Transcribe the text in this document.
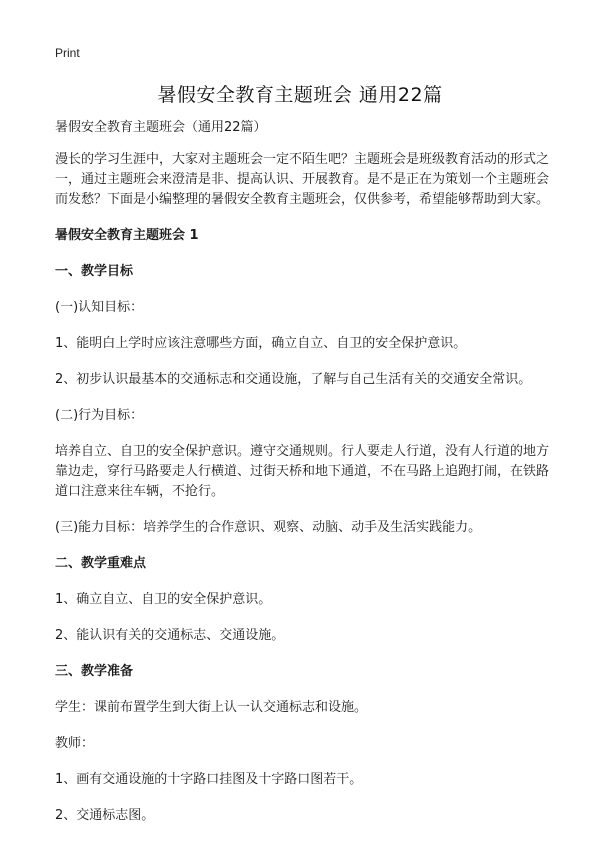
Print
暑假安全教育主题班会 通用22篇

暑假安全教育主题班会（通用22篇）

漫长的学习生涯中，大家对主题班会一定不陌生吧？主题班会是班级教育活动的形式之一，通过主题班会来澄清是非、提高认识、开展教育。是不是正在为策划一个主题班会而发愁？下面是小编整理的暑假安全教育主题班会，仅供参考，希望能够帮助到大家。

暑假安全教育主题班会 1

一、教学目标

(一)认知目标：

1、能明白上学时应该注意哪些方面，确立自立、自卫的安全保护意识。

2、初步认识最基本的交通标志和交通设施，了解与自己生活有关的交通安全常识。

(二)行为目标：

培养自立、自卫的安全保护意识。遵守交通规则。行人要走人行道，没有人行道的地方靠边走，穿行马路要走人行横道、过街天桥和地下通道，不在马路上追跑打闹，在铁路道口注意来往车辆，不抢行。

(三)能力目标：培养学生的合作意识、观察、动脑、动手及生活实践能力。

二、教学重难点

1、确立自立、自卫的安全保护意识。

2、能认识有关的交通标志、交通设施。

三、教学准备

学生：课前布置学生到大街上认一认交通标志和设施。

教师：

1、画有交通设施的十字路口挂图及十字路口图若干。

2、交通标志图。
